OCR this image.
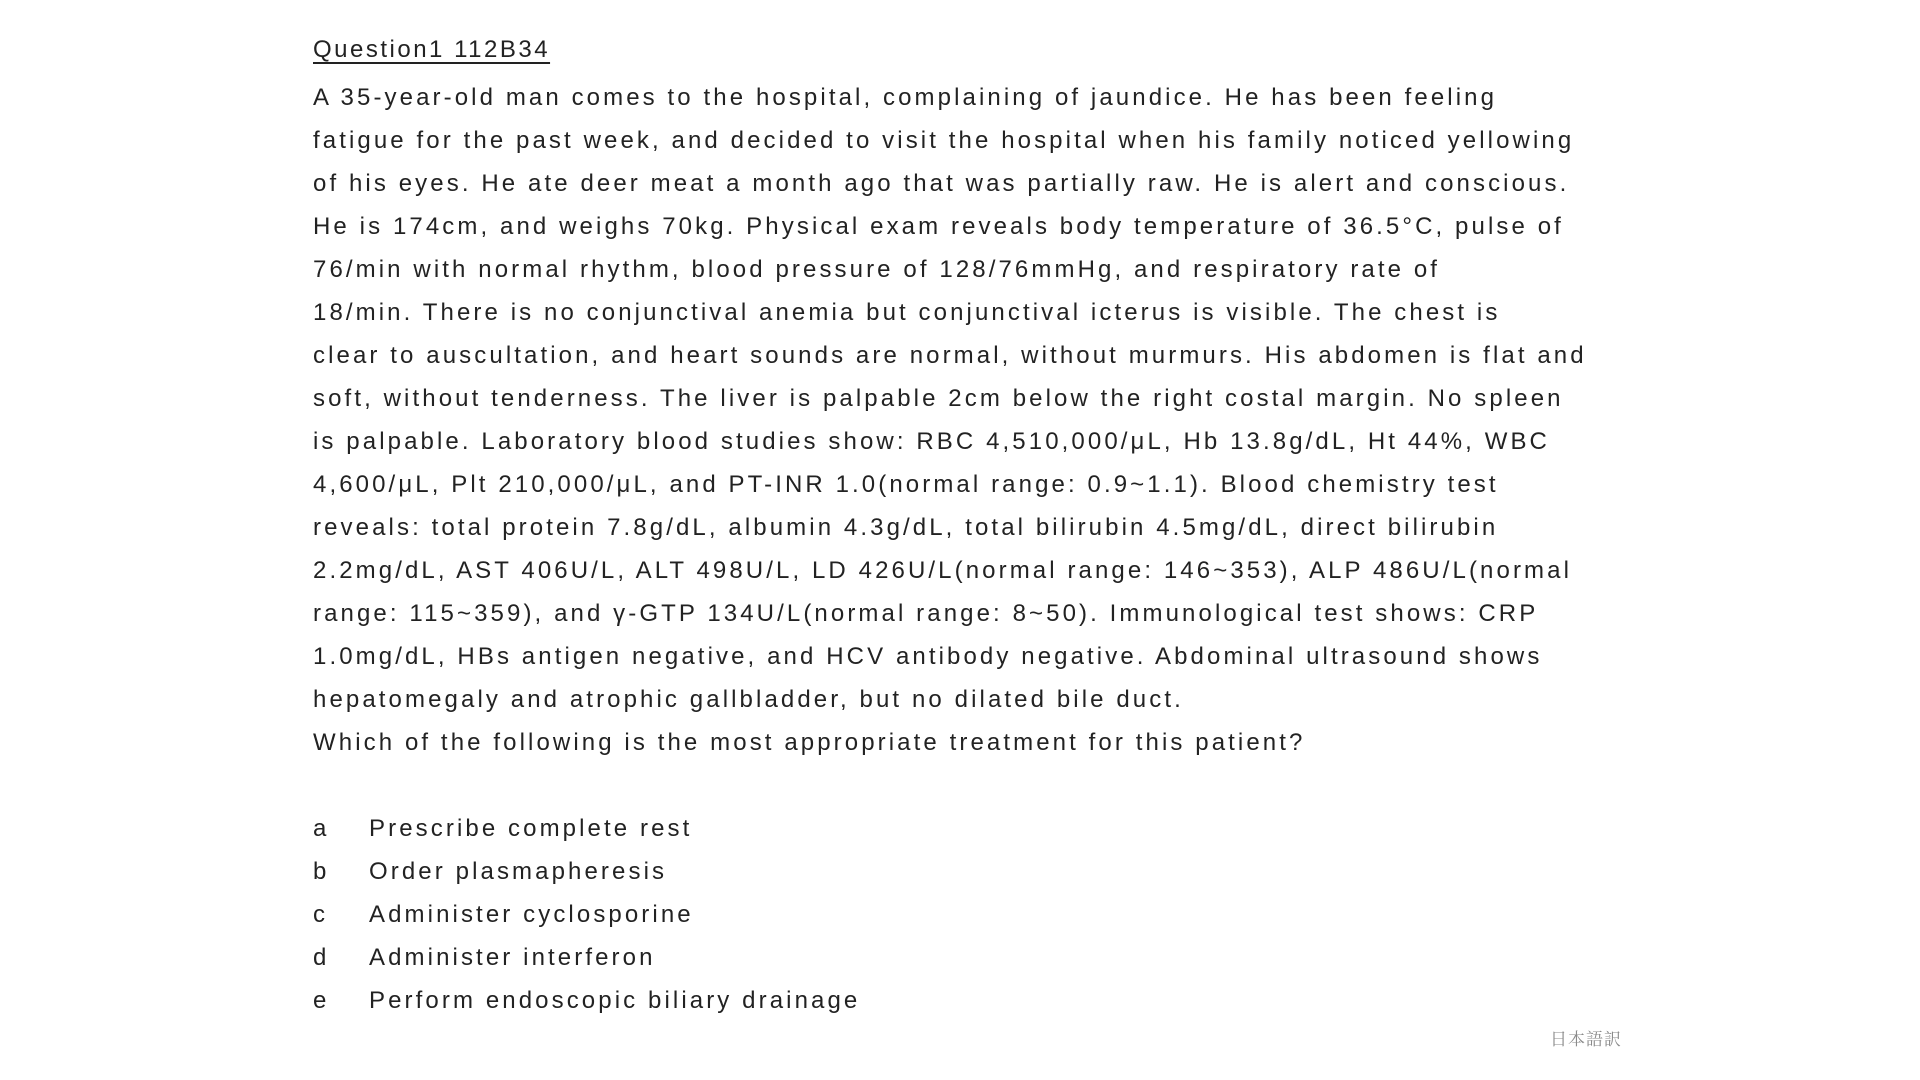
Question1 112B34
A 35-year-old man comes to the hospital, complaining of jaundice. He has been feeling
fatigue for the past week, and decided to visit the hospital when his family noticed yellowing
of his eyes. He ate deer meat a month ago that was partially raw. He is alert and conscious.
He is 174cm, and weighs 70kg. Physical exam reveals body temperature of 36.5°C, pulse of
76/min with normal rhythm, blood pressure of 128/76mmHg, and respiratory rate of
18/min. There is no conjunctival anemia but conjunctival icterus is visible. The chest is
clear to auscultation, and heart sounds are normal, without murmurs. His abdomen is flat and
soft, without tenderness. The liver is palpable 2cm below the right costal margin. No spleen
is palpable. Laboratory blood studies show: RBC 4,510,000/μL, Hb 13.8g/dL, Ht 44%, WBC
4,600/μL, Plt 210,000/μL, and PT-INR 1.0(normal range: 0.9~1.1). Blood chemistry test
reveals: total protein 7.8g/dL, albumin 4.3g/dL, total bilirubin 4.5mg/dL, direct bilirubin
2.2mg/dL, AST 406U/L, ALT 498U/L, LD 426U/L(normal range: 146~353), ALP 486U/L(normal
range: 115~359), and γ-GTP 134U/L(normal range: 8~50). Immunological test shows: CRP
1.0mg/dL, HBs antigen negative, and HCV antibody negative. Abdominal ultrasound shows
hepatomegaly and atrophic gallbladder, but no dilated bile duct.
Which of the following is the most appropriate treatment for this patient?
a	Prescribe complete rest
b	Order plasmapheresis
c	Administer cyclosporine
d	Administer interferon
e	Perform endoscopic biliary drainage
日本語訳
